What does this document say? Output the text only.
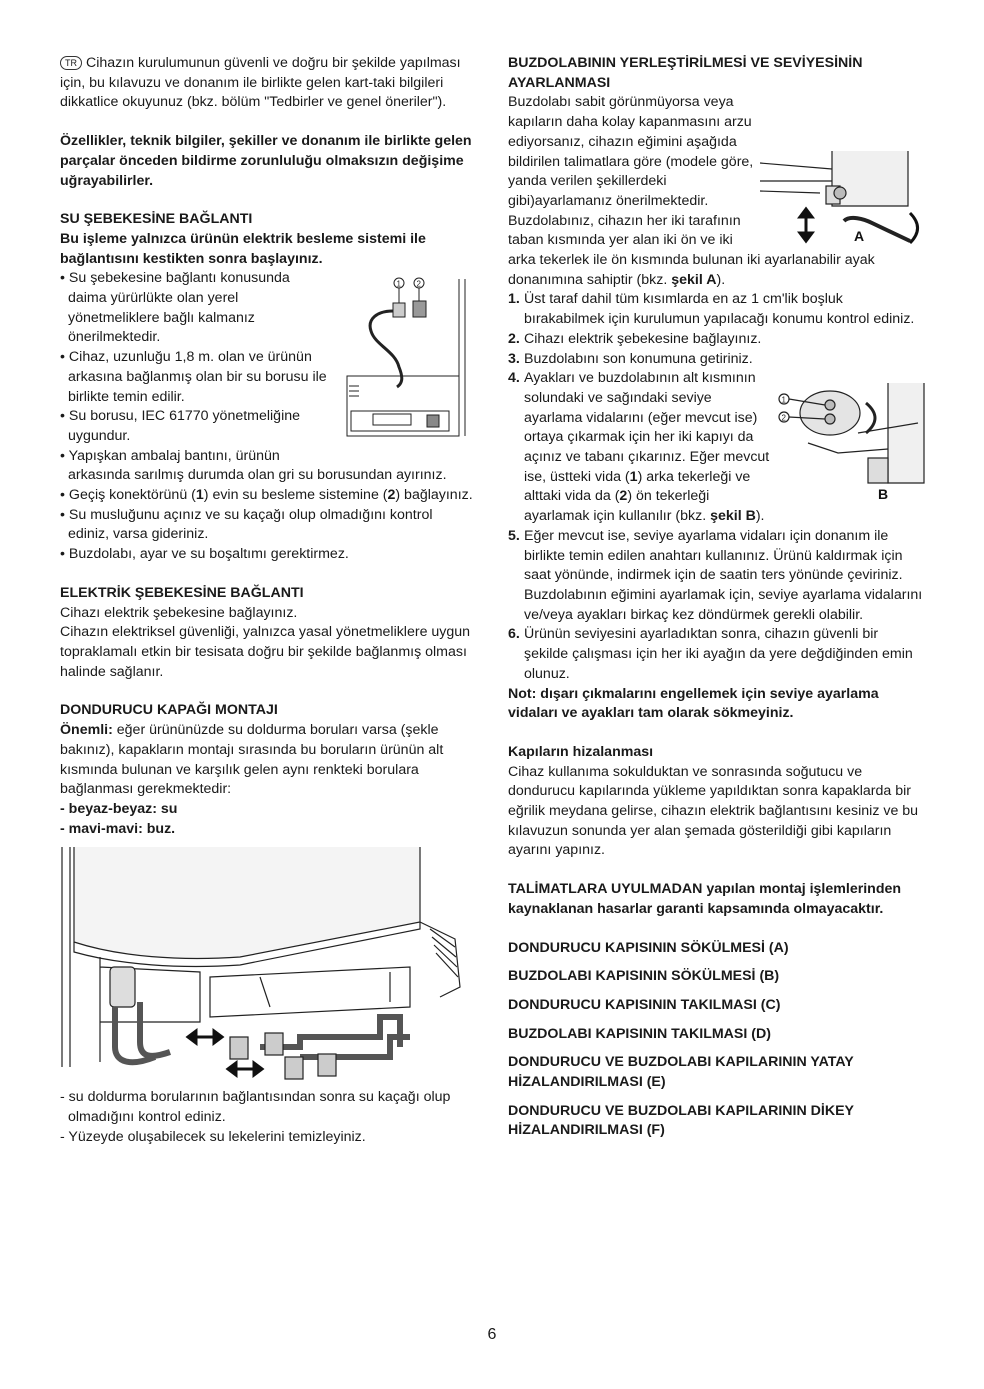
TR Cihazın kurulumunun güvenli ve doğru bir şekilde yapılması için, bu kılavuzu ve donanım ile birlikte gelen kart-taki bilgileri dikkatlice okuyunuz (bkz. bölüm "Tedbirler ve genel öneriler").

Özellikler, teknik bilgiler, şekiller ve donanım ile birlikte gelen parçalar önceden bildirme zorunluluğu olmaksızın değişime uğrayabilirler.

SU ŞEBEKESİNE BAĞLANTI

Bu işleme yalnızca ürünün elektrik besleme sistemi ile bağlantısını kestikten sonra başlayınız.

1 2
• Su şebekesine bağlantı konusunda daima yürürlükte olan yerel yönetmeliklere bağlı kalmanız önerilmektedir.
• Cihaz, uzunluğu 1,8 m. olan ve ürünün arkasına bağlanmış olan bir su borusu ile birlikte temin edilir.
• Su borusu, IEC 61770 yönetmeliğine uygundur.
• Yapışkan ambalaj bantını, ürünün arkasında sarılmış durumda olan gri su borusundan ayırınız.
• Geçiş konektörünü (1) evin su besleme sistemine (2) bağlayınız.
• Su musluğunu açınız ve su kaçağı olup olmadığını kontrol ediniz, varsa gideriniz.
• Buzdolabı, ayar ve su boşaltımı gerektirmez.

ELEKTRİK ŞEBEKESİNE BAĞLANTI

Cihazı elektrik şebekesine bağlayınız.

Cihazın elektriksel güvenliği, yalnızca yasal yönetmeliklere uygun topraklamalı etkin bir tesisata doğru bir şekilde bağlanmış olması halinde sağlanır.

DONDURUCU KAPAĞI MONTAJI

Önemli: eğer ürününüzde su doldurma boruları varsa (şekle bakınız), kapakların montajı sırasında bu boruların ürünün alt kısmında bulunan ve karşılık gelen aynı renkteki borulara bağlanması gerekmektedir:

- beyaz-beyaz: su

- mavi-mavi: buz.

- su doldurma borularının bağlantısından sonra su kaçağı olup olmadığını kontrol ediniz.
- Yüzeyde oluşabilecek su lekelerini temizleyiniz.

BUZDOLABININ YERLEŞTİRİLMESİ VE SEVİYESİNİN AYARLANMASI

A

Buzdolabı sabit görünmüyorsa veya kapıların daha kolay kapanmasını arzu ediyorsanız, cihazın eğimini aşağıda bildirilen talimatlara göre (modele göre, yanda verilen şekillerdeki gibi)ayarlamanız önerilmektedir. Buzdolabınız, cihazın her iki tarafının taban kısmında yer alan iki ön ve iki arka tekerlek ile ön kısmında bulunan iki ayarlanabilir ayak donanımına sahiptir (bkz. şekil A).

1. Üst taraf dahil tüm kısımlarda en az 1 cm'lik boşluk bırakabilmek için kurulumun yapılacağı konumu kontrol ediniz.
2. Cihazı elektrik şebekesine bağlayınız.
3. Buzdolabını son konumuna getiriniz.
1
2
B
4. Ayakları ve buzdolabının alt kısmının solundaki ve sağındaki seviye ayarlama vidalarını (eğer mevcut ise) ortaya çıkarmak için her iki kapıyı da açınız ve tabanı çıkarınız. Eğer mevcut ise, üstteki vida (1) arka tekerleği ve alttaki vida da (2) ön tekerleği ayarlamak için kullanılır (bkz. şekil B).
5. Eğer mevcut ise, seviye ayarlama vidaları için donanım ile birlikte temin edilen anahtarı kullanınız. Ürünü kaldırmak için saat yönünde, indirmek için de saatin ters yönünde çeviriniz. Buzdolabının eğimini ayarlamak için, seviye ayarlama vidalarını ve/veya ayakları birkaç kez döndürmek gerekli olabilir.
6. Ürünün seviyesini ayarladıktan sonra, cihazın güvenli bir şekilde çalışması için her iki ayağın da yere değdiğinden emin olunuz.

Not: dışarı çıkmalarını engellemek için seviye ayarlama vidaları ve ayakları tam olarak sökmeyiniz.

Kapıların hizalanması

Cihaz kullanıma sokulduktan ve sonrasında soğutucu ve dondurucu kapılarında yükleme yapıldıktan sonra kapaklarda bir eğrilik meydana gelirse, cihazın elektrik bağlantısını kesiniz ve bu kılavuzun sonunda yer alan şemada gösterildiği gibi kapıların ayarını yapınız.

TALİMATLARA UYULMADAN yapılan montaj işlemlerinden kaynaklanan hasarlar garanti kapsamında olmayacaktır.

DONDURUCU KAPISININ SÖKÜLMESİ (A)

BUZDOLABI KAPISININ SÖKÜLMESİ (B)

DONDURUCU KAPISININ TAKILMASI (C)

BUZDOLABI KAPISININ TAKILMASI (D)

DONDURUCU VE BUZDOLABI KAPILARININ YATAY HİZALANDIRILMASI (E)

DONDURUCU VE BUZDOLABI KAPILARININ DİKEY HİZALANDIRILMASI (F)

6
